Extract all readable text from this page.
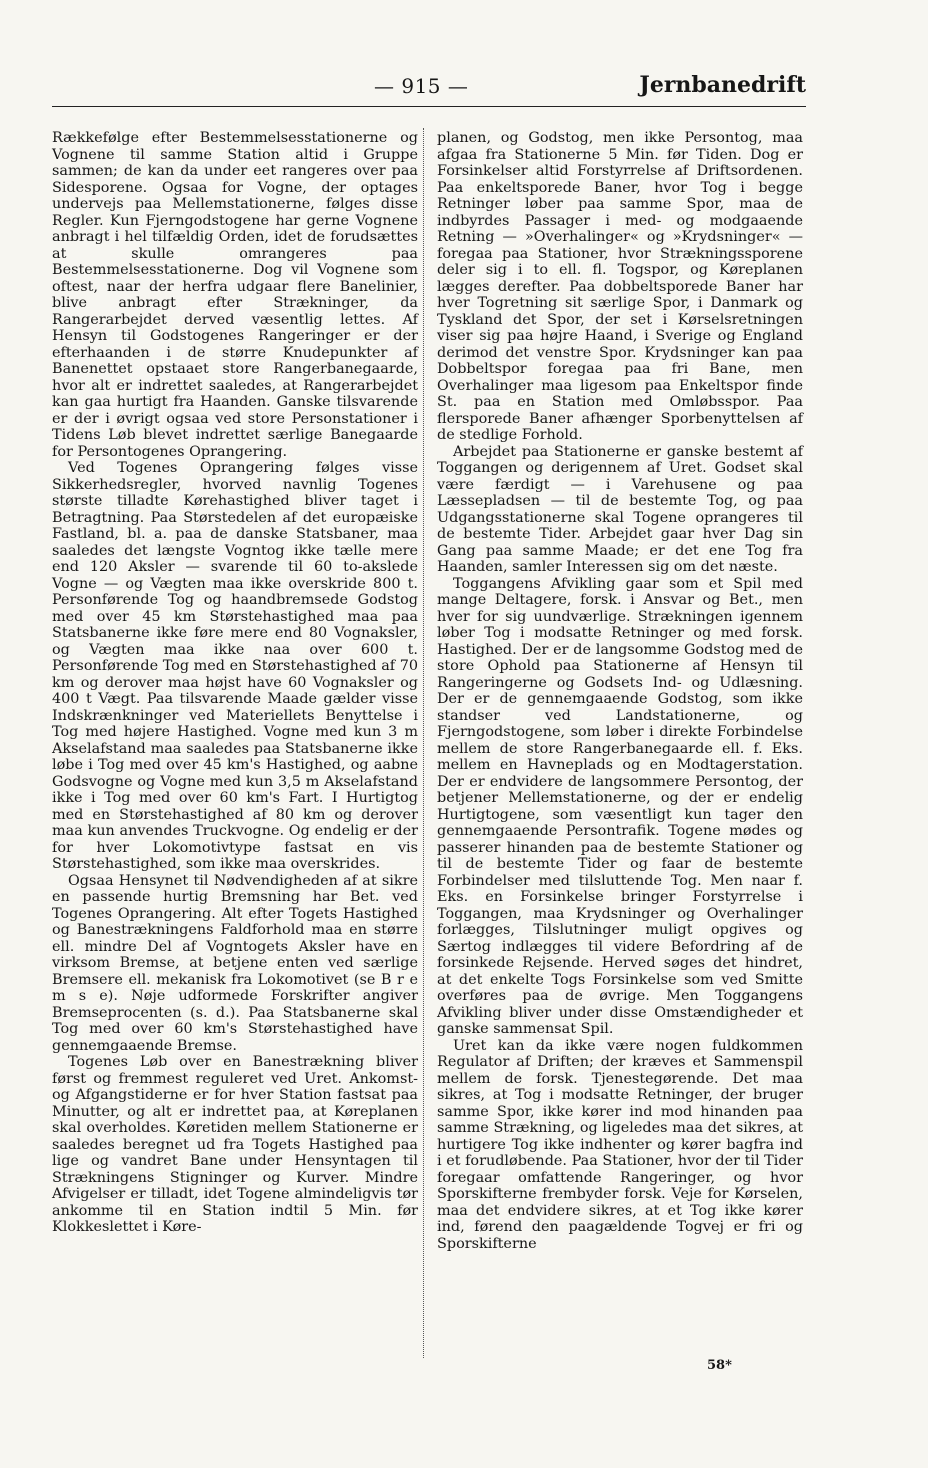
— 915 —	Jernbanedrift

Rækkefølge efter Bestemmelsesstationerne og Vognene til samme Station altid i Gruppe sammen; de kan da under eet rangeres over paa Sidesporene. Ogsaa for Vogne, der optages undervejs paa Mellemstationerne, følges disse Regler. Kun Fjerngodstogene har gerne Vognene anbragt i hel tilfældig Orden, idet de forudsættes at skulle omrangeres paa Bestemmelsesstationerne. Dog vil Vognene som oftest, naar der herfra udgaar flere Banelinier, blive anbragt efter Strækninger, da Rangerarbejdet derved væsentlig lettes. Af Hensyn til Godstogenes Rangeringer er der efterhaanden i de større Knudepunkter af Banenettet opstaaet store Rangerbanegaarde, hvor alt er indrettet saaledes, at Rangerarbejdet kan gaa hurtigt fra Haanden. Ganske tilsvarende er der i øvrigt ogsaa ved store Personstationer i Tidens Løb blevet indrettet særlige Banegaarde for Persontogenes Oprangering.

Ved Togenes Oprangering følges visse Sikkerhedsregler, hvorved navnlig Togenes største tilladte Kørehastighed bliver taget i Betragtning. Paa Størstedelen af det europæiske Fastland, bl. a. paa de danske Statsbaner, maa saaledes det længste Vogntog ikke tælle mere end 120 Aksler — svarende til 60 to-akslede Vogne — og Vægten maa ikke overskride 800 t. Personførende Tog og haandbremsede Godstog med over 45 km Størstehastighed maa paa Statsbanerne ikke føre mere end 80 Vognaksler, og Vægten maa ikke naa over 600 t. Personførende Tog med en Størstehastighed af 70 km og derover maa højst have 60 Vognaksler og 400 t Vægt. Paa tilsvarende Maade gælder visse Indskrænkninger ved Materiellets Benyttelse i Tog med højere Hastighed. Vogne med kun 3 m Akselafstand maa saaledes paa Statsbanerne ikke løbe i Tog med over 45 km's Hastighed, og aabne Godsvogne og Vogne med kun 3,5 m Akselafstand ikke i Tog med over 60 km's Fart. I Hurtigtog med en Størstehastighed af 80 km og derover maa kun anvendes Truckvogne. Og endelig er der for hver Lokomotivtype fastsat en vis Størstehastighed, som ikke maa overskrides.

Ogsaa Hensynet til Nødvendigheden af at sikre en passende hurtig Bremsning har Bet. ved Togenes Oprangering. Alt efter Togets Hastighed og Banestrækningens Faldforhold maa en større ell. mindre Del af Vogntogets Aksler have en virksom Bremse, at betjene enten ved særlige Bremsere ell. mekanisk fra Lokomotivet (se B r e m s e). Nøje udformede Forskrifter angiver Bremseprocenten (s. d.). Paa Statsbanerne skal Tog med over 60 km's Størstehastighed have gennemgaaende Bremse.

Togenes Løb over en Banestrækning bliver først og fremmest reguleret ved Uret. Ankomst- og Afgangstiderne er for hver Station fastsat paa Minutter, og alt er indrettet paa, at Køreplanen skal overholdes. Køretiden mellem Stationerne er saaledes beregnet ud fra Togets Hastighed paa lige og vandret Bane under Hensyntagen til Strækningens Stigninger og Kurver. Mindre Afvigelser er tilladt, idet Togene almindeligvis tør ankomme til en Station indtil 5 Min. før Klokkeslettet i Køre-

planen, og Godstog, men ikke Persontog, maa afgaa fra Stationerne 5 Min. før Tiden. Dog er Forsinkelser altid Forstyrrelse af Driftsordenen. Paa enkeltsporede Baner, hvor Tog i begge Retninger løber paa samme Spor, maa de indbyrdes Passager i med- og modgaaende Retning — »Overhalinger« og »Krydsninger« — foregaa paa Stationer, hvor Strækningssporene deler sig i to ell. fl. Togspor, og Køreplanen lægges derefter. Paa dobbeltsporede Baner har hver Togretning sit særlige Spor, i Danmark og Tyskland det Spor, der set i Kørselsretningen viser sig paa højre Haand, i Sverige og England derimod det venstre Spor. Krydsninger kan paa Dobbeltspor foregaa paa fri Bane, men Overhalinger maa ligesom paa Enkeltspor finde St. paa en Station med Omløbsspor. Paa flersporede Baner afhænger Sporbenyttelsen af de stedlige Forhold.

Arbejdet paa Stationerne er ganske bestemt af Toggangen og derigennem af Uret. Godset skal være færdigt — i Varehusene og paa Læssepladsen — til de bestemte Tog, og paa Udgangsstationerne skal Togene oprangeres til de bestemte Tider. Arbejdet gaar hver Dag sin Gang paa samme Maade; er det ene Tog fra Haanden, samler Interessen sig om det næste.

Toggangens Afvikling gaar som et Spil med mange Deltagere, forsk. i Ansvar og Bet., men hver for sig uundværlige. Strækningen igennem løber Tog i modsatte Retninger og med forsk. Hastighed. Der er de langsomme Godstog med de store Ophold paa Stationerne af Hensyn til Rangeringerne og Godsets Ind- og Udlæsning. Der er de gennemgaaende Godstog, som ikke standser ved Landstationerne, og Fjerngodstogene, som løber i direkte Forbindelse mellem de store Rangerbanegaarde ell. f. Eks. mellem en Havneplads og en Modtagerstation. Der er endvidere de langsommere Persontog, der betjener Mellemstationerne, og der er endelig Hurtigtogene, som væsentligt kun tager den gennemgaaende Persontrafik. Togene mødes og passerer hinanden paa de bestemte Stationer og til de bestemte Tider og faar de bestemte Forbindelser med tilsluttende Tog. Men naar f. Eks. en Forsinkelse bringer Forstyrrelse i Toggangen, maa Krydsninger og Overhalinger forlægges, Tilslutninger muligt opgives og Særtog indlægges til videre Befordring af de forsinkede Rejsende. Herved søges det hindret, at det enkelte Togs Forsinkelse som ved Smitte overføres paa de øvrige. Men Toggangens Afvikling bliver under disse Omstændigheder et ganske sammensat Spil.

Uret kan da ikke være nogen fuldkommen Regulator af Driften; der kræves et Sammenspil mellem de forsk. Tjenestegørende. Det maa sikres, at Tog i modsatte Retninger, der bruger samme Spor, ikke kører ind mod hinanden paa samme Strækning, og ligeledes maa det sikres, at hurtigere Tog ikke indhenter og kører bagfra ind i et forudløbende. Paa Stationer, hvor der til Tider foregaar omfattende Rangeringer, og hvor Sporskifterne frembyder forsk. Veje for Kørselen, maa det endvidere sikres, at et Tog ikke kører ind, førend den paagældende Togvej er fri og Sporskifterne

58*
